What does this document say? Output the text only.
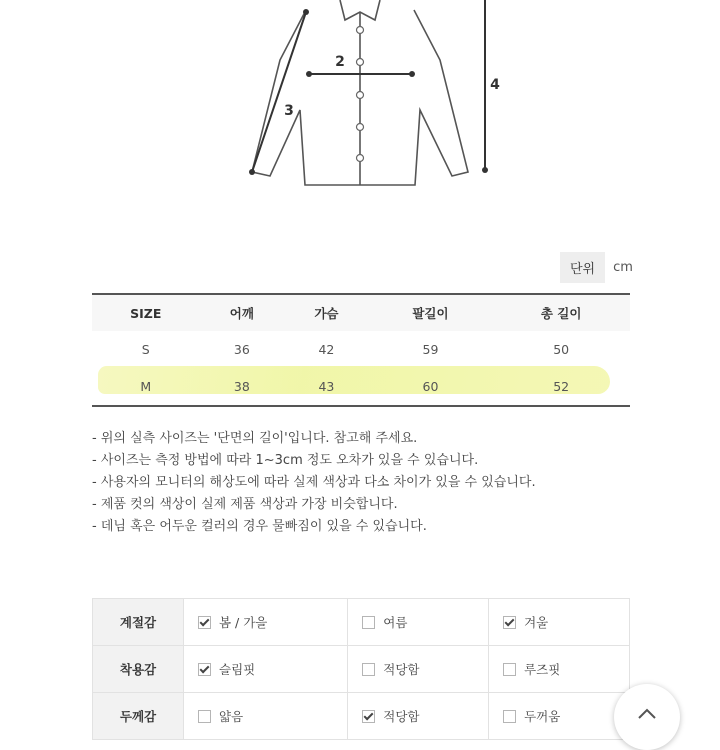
2
3
4
단위	cm
SIZE	어깨	가슴	팔길이	총 길이
S	36	42	59	50
M	38	43	60	52
- 위의 실측 사이즈는 '단면의 길이'입니다. 참고해 주세요.
- 사이즈는 측정 방법에 따라 1~3cm 정도 오차가 있을 수 있습니다.
- 사용자의 모니터의 해상도에 따라 실제 색상과 다소 차이가 있을 수 있습니다.
- 제품 컷의 색상이 실제 제품 색상과 가장 비슷합니다.
- 데님 혹은 어두운 컬러의 경우 물빠짐이 있을 수 있습니다.
계절감	봄 / 가을	여름	겨울

착용감	슬림핏	적당함	루즈핏

두께감	얇음	적당함	두꺼움
